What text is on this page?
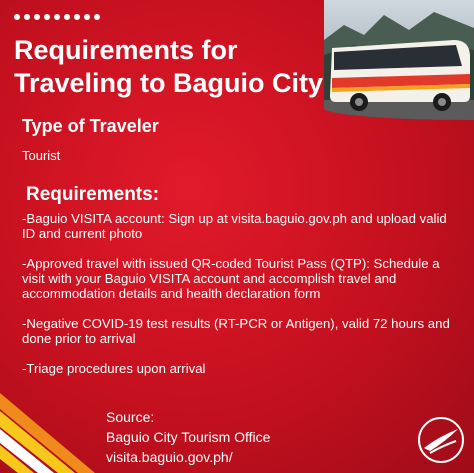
Requirements for
Traveling to Baguio City
Type of Traveler
Tourist
Requirements:
-Baguio VISITA account: Sign up at visita.baguio.gov.ph and upload valid ID and current photo
-Approved travel with issued QR-coded Tourist Pass (QTP): Schedule a visit with your Baguio VISITA account and accomplish travel and accommodation details and health declaration form
-Negative COVID-19 test results (RT-PCR or Antigen), valid 72 hours and done prior to arrival
-Triage procedures upon arrival
Source:
Baguio City Tourism Office
visita.baguio.gov.ph/
